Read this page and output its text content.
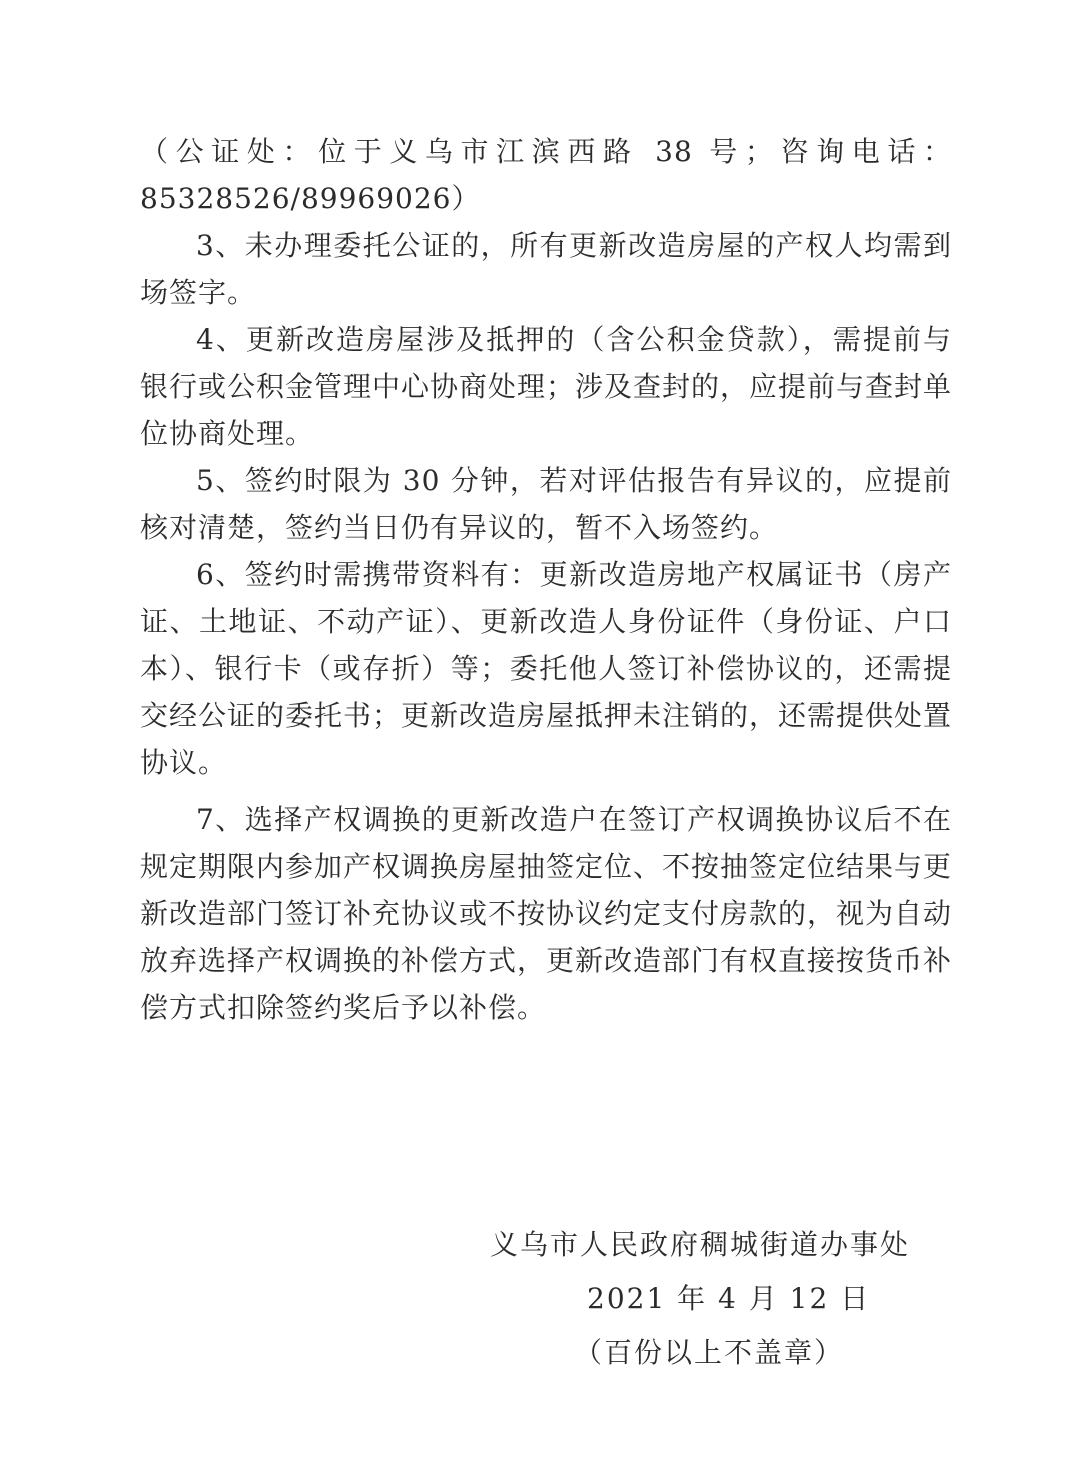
（公证处：位于义乌市江滨西路 38 号；咨询电话：85328526/89969026）

3、未办理委托公证的，所有更新改造房屋的产权人均需到场签字。

4、更新改造房屋涉及抵押的（含公积金贷款），需提前与银行或公积金管理中心协商处理；涉及查封的，应提前与查封单位协商处理。

5、签约时限为 30 分钟，若对评估报告有异议的，应提前核对清楚，签约当日仍有异议的，暂不入场签约。

6、签约时需携带资料有：更新改造房地产权属证书（房产证、土地证、不动产证）、更新改造人身份证件（身份证、户口本）、银行卡（或存折）等；委托他人签订补偿协议的，还需提交经公证的委托书；更新改造房屋抵押未注销的，还需提供处置协议。

7、选择产权调换的更新改造户在签订产权调换协议后不在规定期限内参加产权调换房屋抽签定位、不按抽签定位结果与更新改造部门签订补充协议或不按协议约定支付房款的，视为自动放弃选择产权调换的补偿方式，更新改造部门有权直接按货币补偿方式扣除签约奖后予以补偿。

义乌市人民政府稠城街道办事处

2021 年 4 月 12 日

（百份以上不盖章）
